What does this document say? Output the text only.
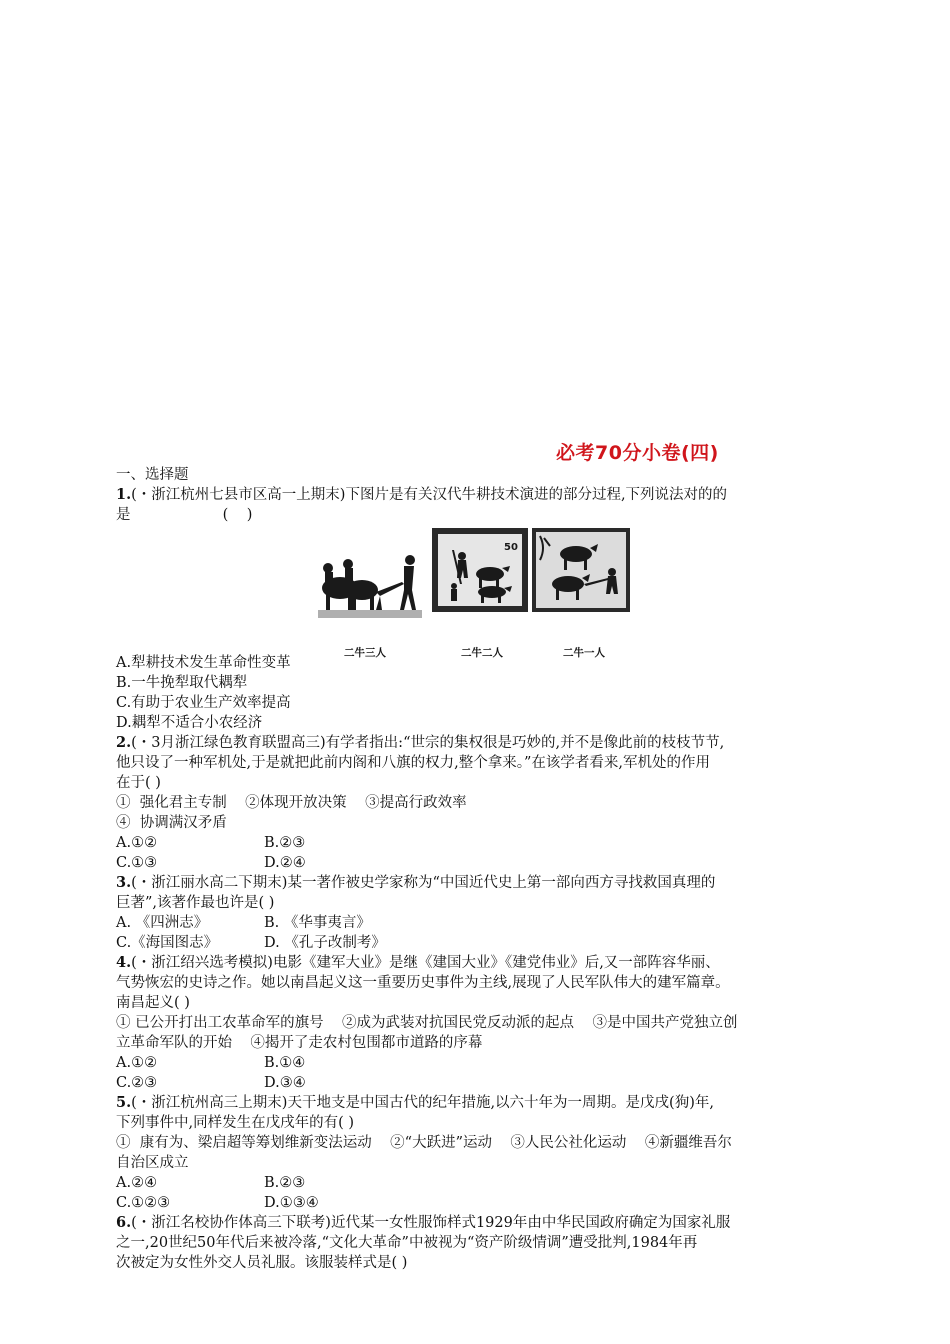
必考70分小卷(四)

一、选择题

1.(・浙江杭州七县市区高一上期末)下图片是有关汉代牛耕技术演进的部分过程,下列说法对的的

是                    (    )

二牛三人
50
二牛二人	二牛一人

A.犁耕技术发生革命性变革

B.一牛挽犁取代耦犁

C.有助于农业生产效率提高

D.耦犁不适合小农经济

2.(・3月浙江绿色教育联盟高三)有学者指出:“世宗的集权很是巧妙的,并不是像此前的枝枝节节,

他只设了一种军机处,于是就把此前内阁和八旗的权力,整个拿来。”在该学者看来,军机处的作用

在于( )

①  强化君主专制    ②体现开放决策    ③提高行政效率

④  协调满汉矛盾

A.①②	B.②③
C.①③	D.②④

3.(・浙江丽水高二下期末)某一著作被史学家称为“中国近代史上第一部向西方寻找救国真理的

巨著”,该著作最也许是( )

A. 《四洲志》	B. 《华事夷言》
C.《海国图志》	D. 《孔子改制考》

4.(・浙江绍兴选考模拟)电影《建军大业》是继《建国大业》《建党伟业》后,又一部阵容华丽、

气势恢宏的史诗之作。她以南昌起义这一重要历史事件为主线,展现了人民军队伟大的建军篇章。

南昌起义( )

① 已公开打出工农革命军的旗号    ②成为武装对抗国民党反动派的起点    ③是中国共产党独立创

立革命军队的开始    ④揭开了走农村包围都市道路的序幕

A.①②	B.①④
C.②③	D.③④

5.(・浙江杭州高三上期末)天干地支是中国古代的纪年措施,以六十年为一周期。是戊戌(狗)年,

下列事件中,同样发生在戊戌年的有( )

①  康有为、梁启超等筹划维新变法运动    ②“大跃进”运动    ③人民公社化运动    ④新疆维吾尔

自治区成立

A.②④	B.②③
C.①②③	D.①③④

6.(・浙江名校协作体高三下联考)近代某一女性服饰样式1929年由中华民国政府确定为国家礼服

之一,20世纪50年代后来被冷落,“文化大革命”中被视为“资产阶级情调”遭受批判,1984年再

次被定为女性外交人员礼服。该服装样式是( )
